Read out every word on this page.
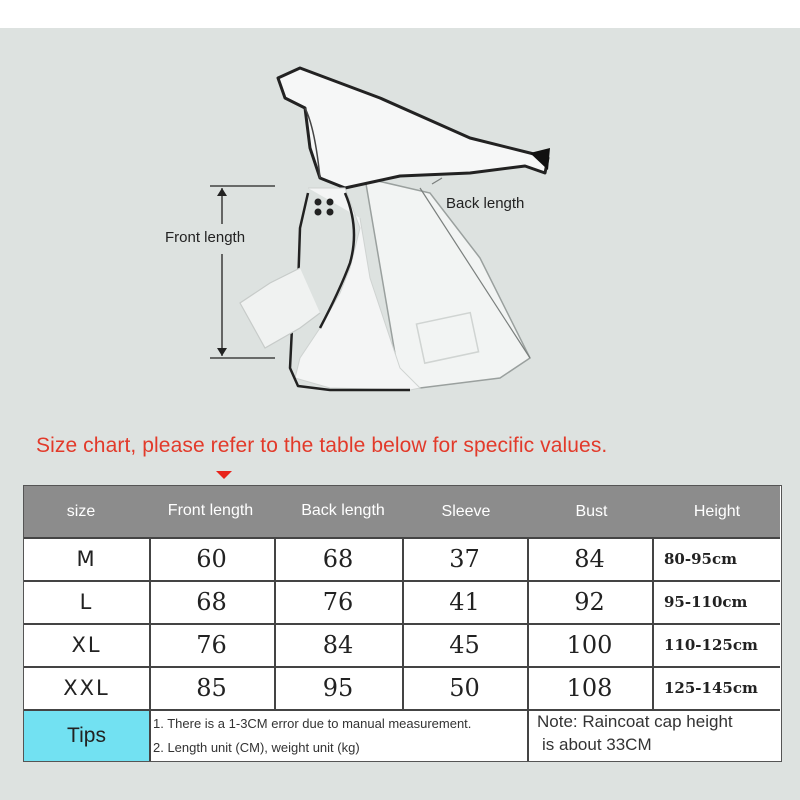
Front length
Back length
Size chart, please refer to the table below for specific values.
size	Front length	Back length	Sleeve	Bust	Height
M	60	68	37	84	80-95cm
L	68	76	41	92	95-110cm
XL	76	84	45	100	110-125cm
XXL	85	95	50	108	125-145cm
Tips
1. There is a 1-3CM error due to manual measurement.
2. Length unit (CM), weight unit (kg)
Note: Raincoat cap height
is about 33CM
